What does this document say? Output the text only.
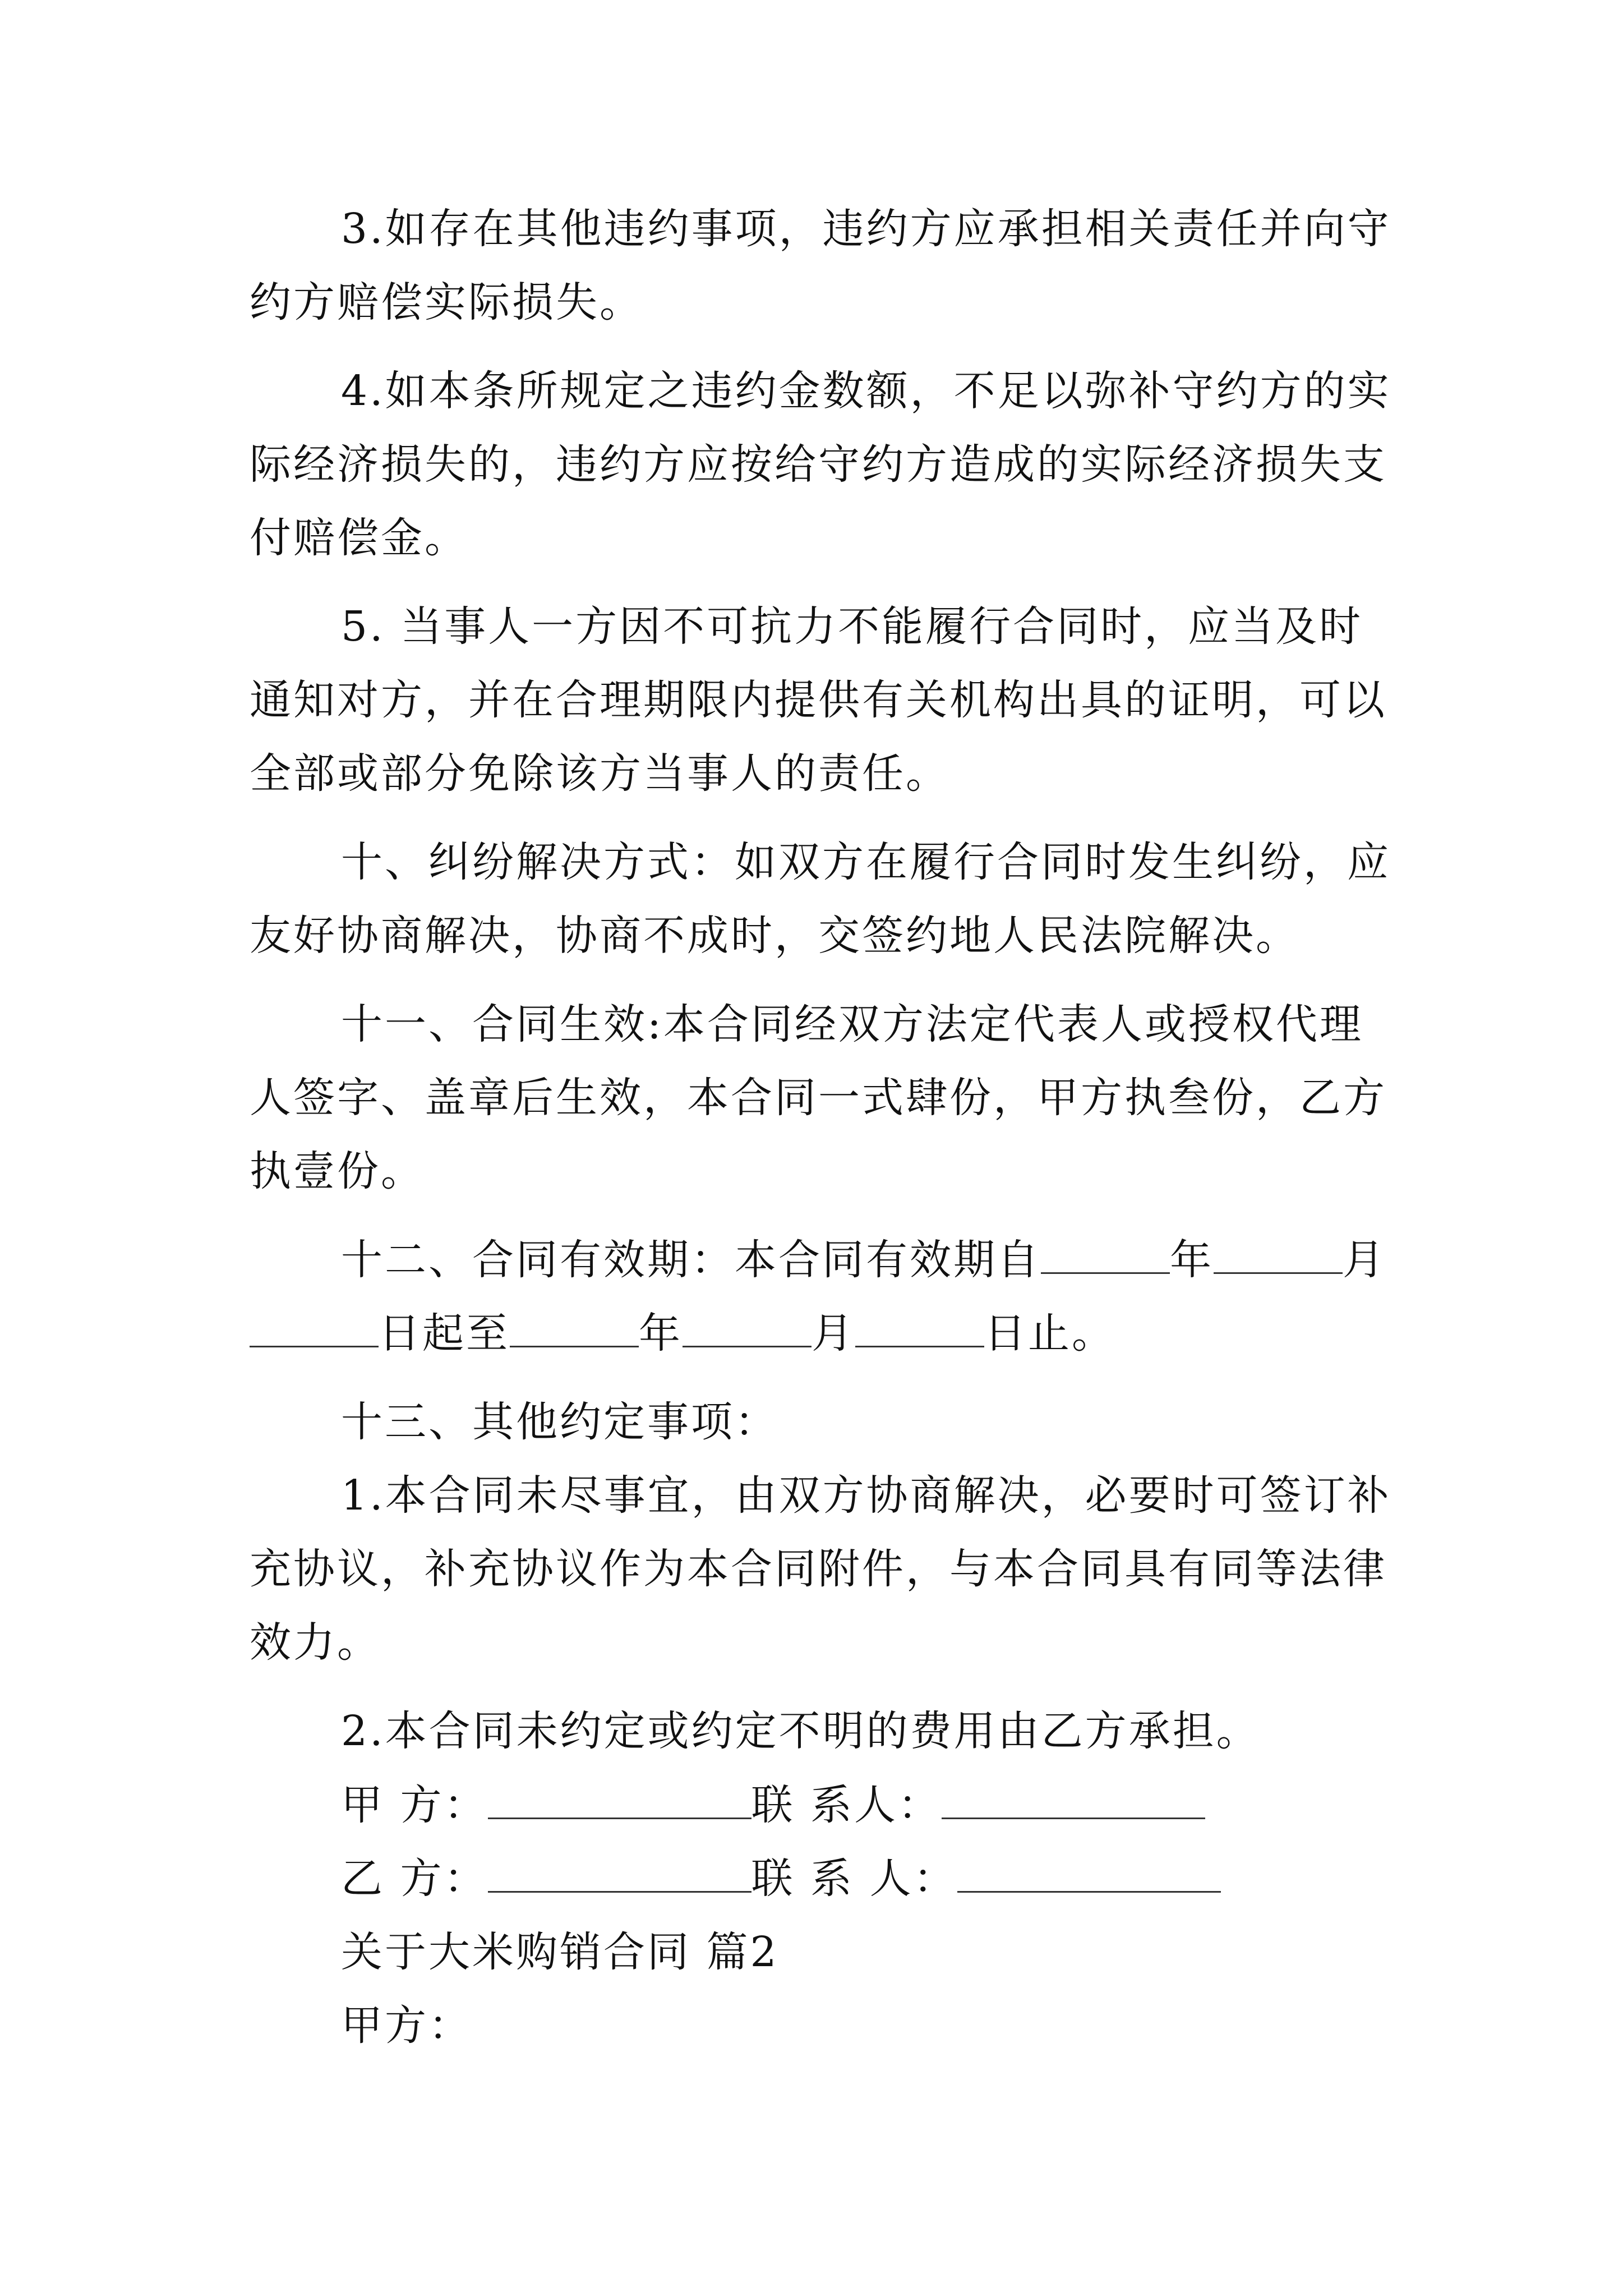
3.如存在其他违约事项，违约方应承担相关责任并向守
约方赔偿实际损失。
4.如本条所规定之违约金数额，不足以弥补守约方的实
际经济损失的，违约方应按给守约方造成的实际经济损失支
付赔偿金。
5. 当事人一方因不可抗力不能履行合同时，应当及时
通知对方，并在合理期限内提供有关机构出具的证明，可以
全部或部分免除该方当事人的责任。
十、纠纷解决方式：如双方在履行合同时发生纠纷，应
友好协商解决，协商不成时，交签约地人民法院解决。
十一、合同生效:本合同经双方法定代表人或授权代理
人签字、盖章后生效，本合同一式肆份，甲方执叁份，乙方
执壹份。
十二、合同有效期：本合同有效期自	年	月
日起至	年	月	日止。
十三、其他约定事项：
1.本合同未尽事宜，由双方协商解决，必要时可签订补
充协议，补充协议作为本合同附件，与本合同具有同等法律
效力。
2.本合同未约定或约定不明的费用由乙方承担。
甲 方：	联 系人：
乙 方：	联 系 人：
关于大米购销合同 篇2
甲方：
